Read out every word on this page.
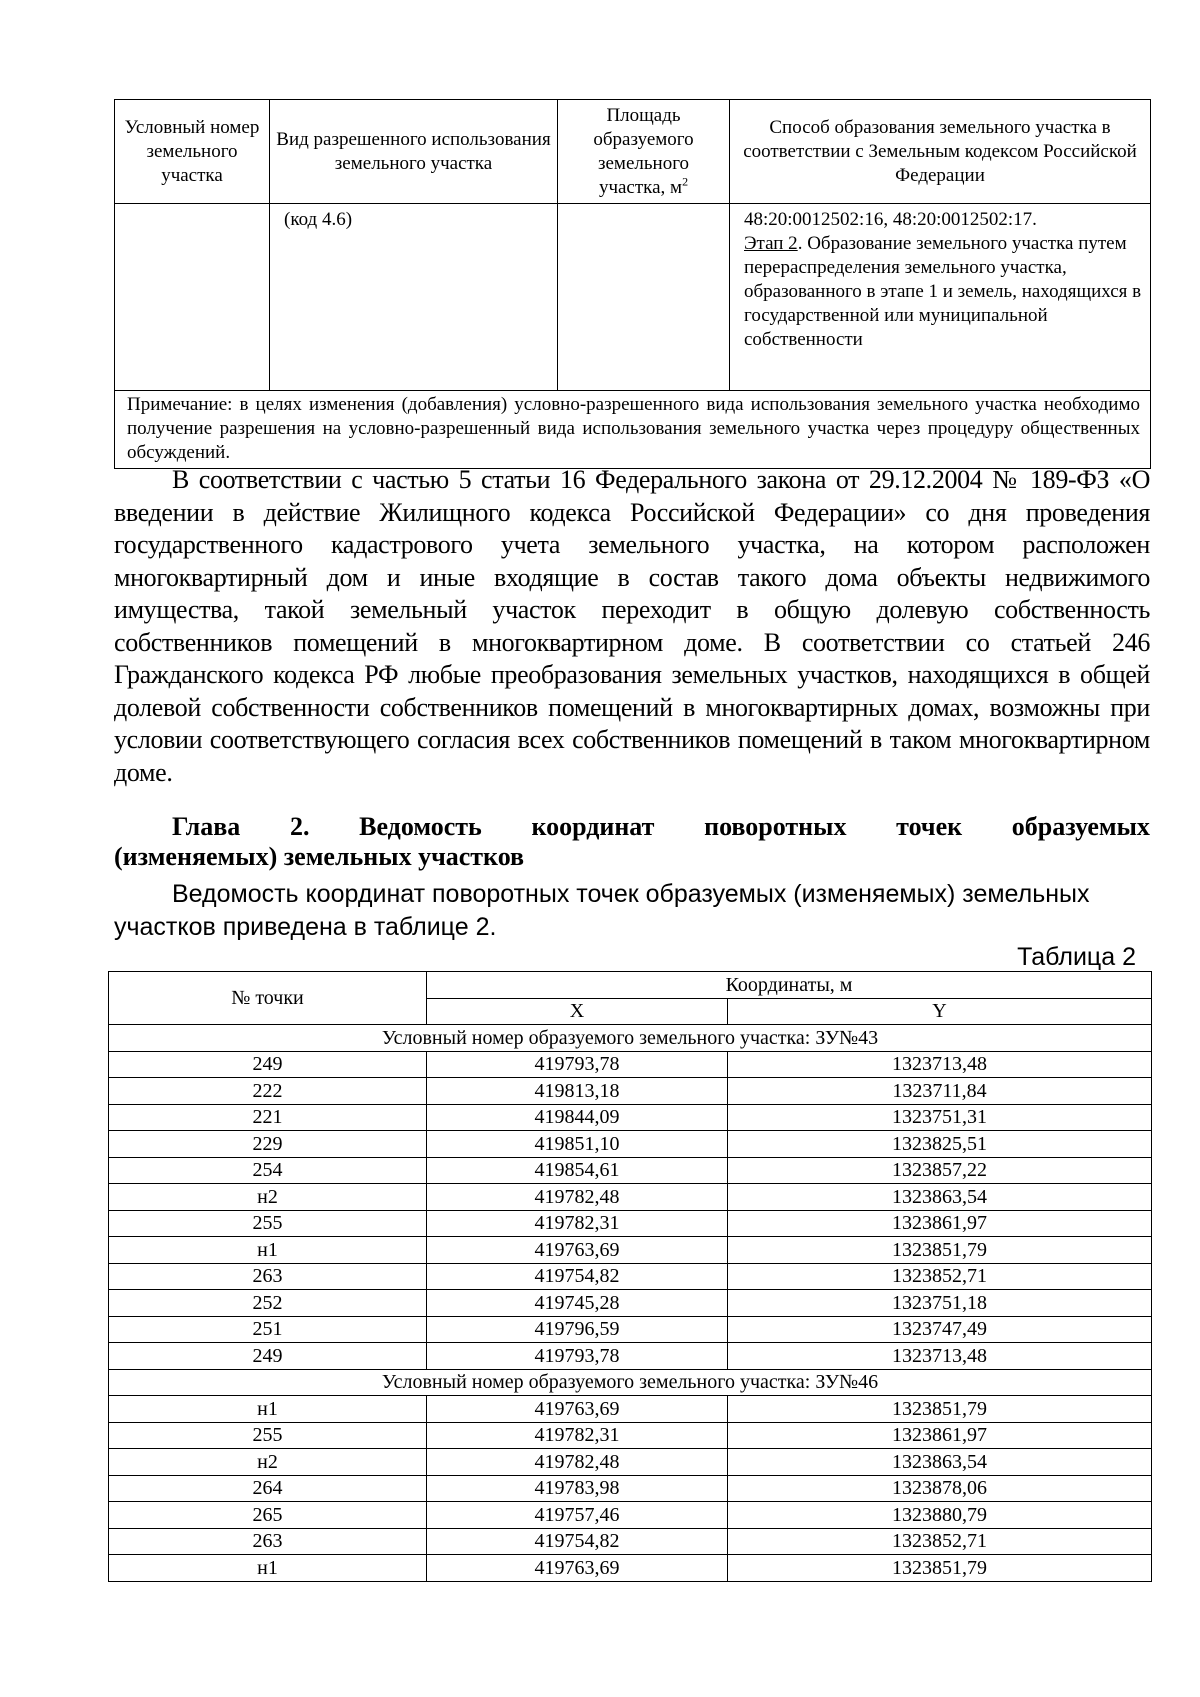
Условный номер земельного участка	Вид разрешенного использования земельного участка	Площадь образуемого земельного участка, $м^2$	Способ образования земельного участка в соответствии с Земельным кодексом Российской Федерации

	(код 4.6)		48:20:0012502:16, 48:20:0012502:17.
Этап 2. Образование земельного участка путем перераспределения земельного участка, образованного в этапе 1 и земель, находящихся в государственной или муниципальной собственности
Примечание: в целях изменения (добавления) условно-разрешенного вида использования земельного участка необходимо получение разрешения на условно-разрешенный вида использования земельного участка через процедуру общественных обсуждений.			

В соответствии с частью 5 статьи 16 Федерального закона от 29.12.2004 № 189-ФЗ «О введении в действие Жилищного кодекса Российской Федерации» со дня проведения государственного кадастрового учета земельного участка, на котором расположен многоквартирный дом и иные входящие в состав такого дома объекты недвижимого имущества, такой земельный участок переходит в общую долевую собственность собственников помещений в многоквартирном доме. В соответствии со статьей 246 Гражданского кодекса РФ любые преобразования земельных участков, находящихся в общей долевой собственности собственников помещений в многоквартирных домах, возможны при условии соответствующего согласия всех собственников помещений в таком многоквартирном доме.

Глава 2. Ведомость координат поворотных точек образуемых
(изменяемых) земельных участков

Ведомость координат поворотных точек образуемых (изменяемых) земельных участков приведена в таблице 2.

Таблица 2
№ точки	Координаты, м	
	X	Y
Условный номер образуемого земельного участка: ЗУ№43		
249	419793,78	1323713,48
222	419813,18	1323711,84
221	419844,09	1323751,31
229	419851,10	1323825,51
254	419854,61	1323857,22
н2	419782,48	1323863,54
255	419782,31	1323861,97
н1	419763,69	1323851,79
263	419754,82	1323852,71
252	419745,28	1323751,18
251	419796,59	1323747,49
249	419793,78	1323713,48
Условный номер образуемого земельного участка: ЗУ№46		
н1	419763,69	1323851,79
255	419782,31	1323861,97
н2	419782,48	1323863,54
264	419783,98	1323878,06
265	419757,46	1323880,79
263	419754,82	1323852,71
н1	419763,69	1323851,79
